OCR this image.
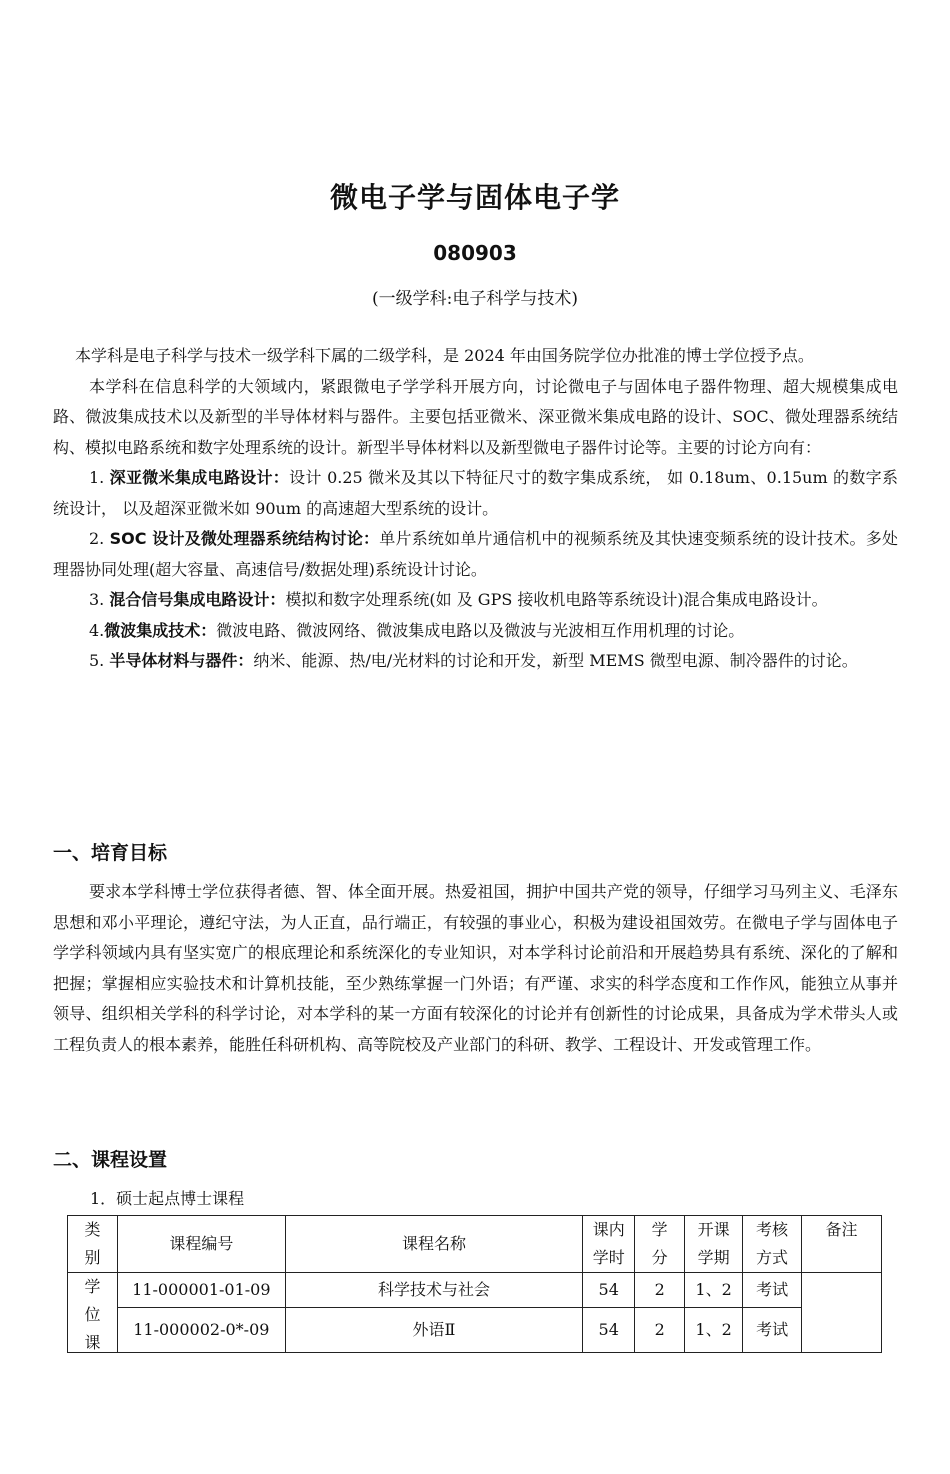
微电子学与固体电子学
080903
(一级学科:电子科学与技术)

本学科是电子科学与技术一级学科下属的二级学科，是 2024 年由国务院学位办批准的博士学位授予点。

本学科在信息科学的大领域内，紧跟微电子学学科开展方向，讨论微电子与固体电子器件物理、超大规模集成电路、微波集成技术以及新型的半导体材料与器件。主要包括亚微米、深亚微米集成电路的设计、SOC、微处理器系统结构、模拟电路系统和数字处理系统的设计。新型半导体材料以及新型微电子器件讨论等。主要的讨论方向有：

1. 深亚微米集成电路设计：设计 0.25 微米及其以下特征尺寸的数字集成系统， 如 0.18um、0.15um 的数字系统设计， 以及超深亚微米如 90um 的高速超大型系统的设计。

2. SOC 设计及微处理器系统结构讨论：单片系统如单片通信机中的视频系统及其快速变频系统的设计技术。多处理器协同处理(超大容量、高速信号/数据处理)系统设计讨论。

3. 混合信号集成电路设计：模拟和数字处理系统(如 及 GPS 接收机电路等系统设计)混合集成电路设计。

4.微波集成技术：微波电路、微波网络、微波集成电路以及微波与光波相互作用机理的讨论。

5. 半导体材料与器件：纳米、能源、热/电/光材料的讨论和开发，新型 MEMS 微型电源、制冷器件的讨论。

一、培育目标

要求本学科博士学位获得者德、智、体全面开展。热爱祖国，拥护中国共产党的领导，仔细学习马列主义、毛泽东思想和邓小平理论，遵纪守法，为人正直，品行端正，有较强的事业心，积极为建设祖国效劳。在微电子学与固体电子学学科领域内具有坚实宽广的根底理论和系统深化的专业知识，对本学科讨论前沿和开展趋势具有系统、深化的了解和把握；掌握相应实验技术和计算机技能，至少熟练掌握一门外语；有严谨、求实的科学态度和工作作风，能独立从事并领导、组织相关学科的科学讨论，对本学科的某一方面有较深化的讨论并有创新性的讨论成果，具备成为学术带头人或工程负责人的根本素养，能胜任科研机构、高等院校及产业部门的科研、教学、工程设计、开发或管理工作。

二、课程设置
1．硕士起点博士课程
类别	课程编号	课程名称	课内学时	学分	开课学期	考核方式	备注

学位课	11-000001-01-09	科学技术与社会	54	2	1、2	考试	
	11-000002-0*-09	外语Ⅱ	54	2	1、2	考试	
